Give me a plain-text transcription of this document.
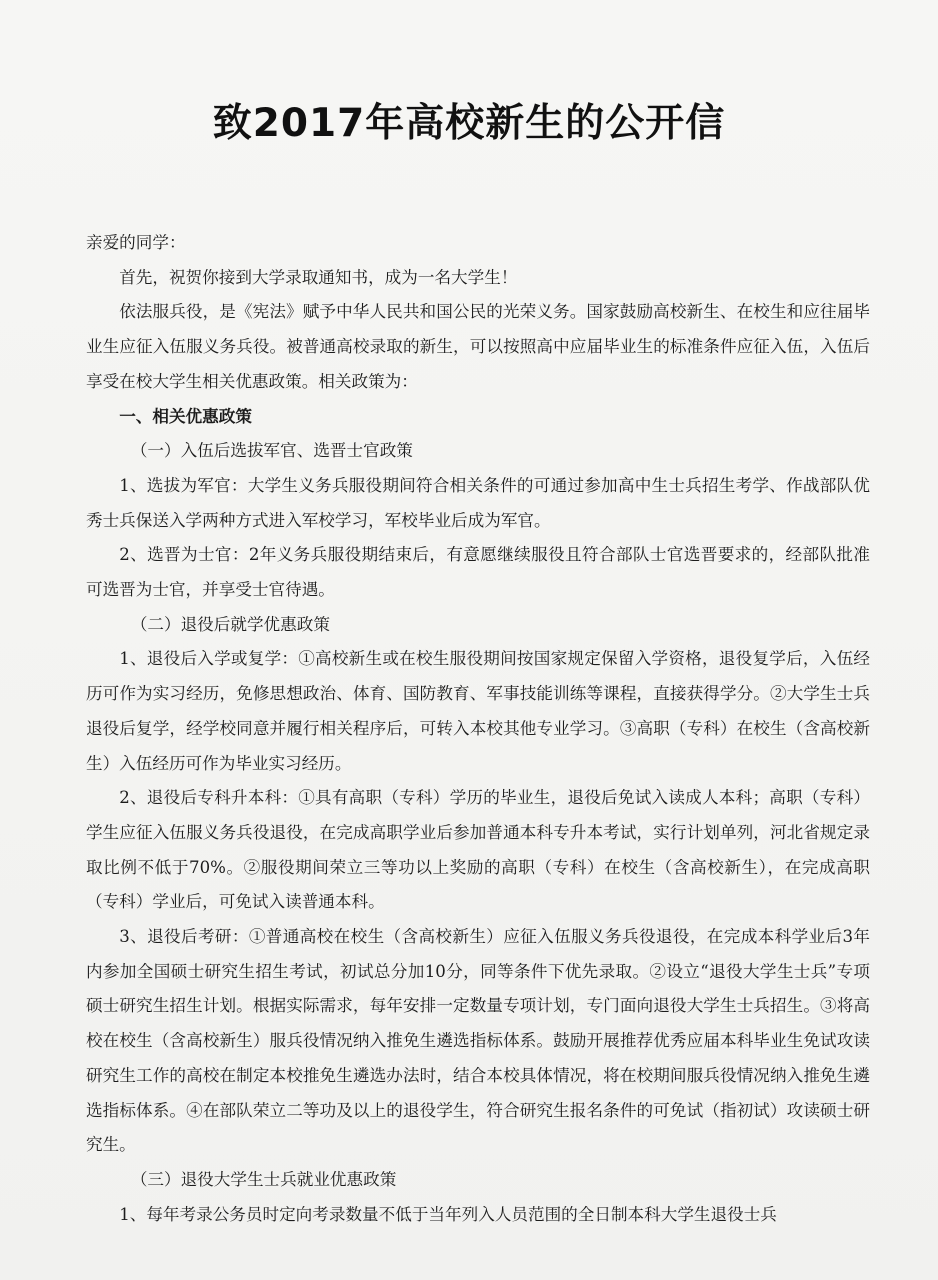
致2017年高校新生的公开信

亲爱的同学：

首先，祝贺你接到大学录取通知书，成为一名大学生！

依法服兵役，是《宪法》赋予中华人民共和国公民的光荣义务。国家鼓励高校新生、在校生和应往届毕业生应征入伍服义务兵役。被普通高校录取的新生，可以按照高中应届毕业生的标准条件应征入伍，入伍后享受在校大学生相关优惠政策。相关政策为：

一、相关优惠政策

（一）入伍后选拔军官、选晋士官政策

1、选拔为军官：大学生义务兵服役期间符合相关条件的可通过参加高中生士兵招生考学、作战部队优秀士兵保送入学两种方式进入军校学习，军校毕业后成为军官。

2、选晋为士官：2年义务兵服役期结束后，有意愿继续服役且符合部队士官选晋要求的，经部队批准可选晋为士官，并享受士官待遇。

（二）退役后就学优惠政策

1、退役后入学或复学：①高校新生或在校生服役期间按国家规定保留入学资格，退役复学后，入伍经历可作为实习经历，免修思想政治、体育、国防教育、军事技能训练等课程，直接获得学分。②大学生士兵退役后复学，经学校同意并履行相关程序后，可转入本校其他专业学习。③高职（专科）在校生（含高校新生）入伍经历可作为毕业实习经历。

2、退役后专科升本科：①具有高职（专科）学历的毕业生，退役后免试入读成人本科；高职（专科）学生应征入伍服义务兵役退役，在完成高职学业后参加普通本科专升本考试，实行计划单列，河北省规定录取比例不低于70%。②服役期间荣立三等功以上奖励的高职（专科）在校生（含高校新生），在完成高职（专科）学业后，可免试入读普通本科。

3、退役后考研：①普通高校在校生（含高校新生）应征入伍服义务兵役退役，在完成本科学业后3年内参加全国硕士研究生招生考试，初试总分加10分，同等条件下优先录取。②设立“退役大学生士兵”专项硕士研究生招生计划。根据实际需求，每年安排一定数量专项计划，专门面向退役大学生士兵招生。③将高校在校生（含高校新生）服兵役情况纳入推免生遴选指标体系。鼓励开展推荐优秀应届本科毕业生免试攻读研究生工作的高校在制定本校推免生遴选办法时，结合本校具体情况，将在校期间服兵役情况纳入推免生遴选指标体系。④在部队荣立二等功及以上的退役学生，符合研究生报名条件的可免试（指初试）攻读硕士研究生。

（三）退役大学生士兵就业优惠政策

1、每年考录公务员时定向考录数量不低于当年列入人员范围的全日制本科大学生退役士兵
